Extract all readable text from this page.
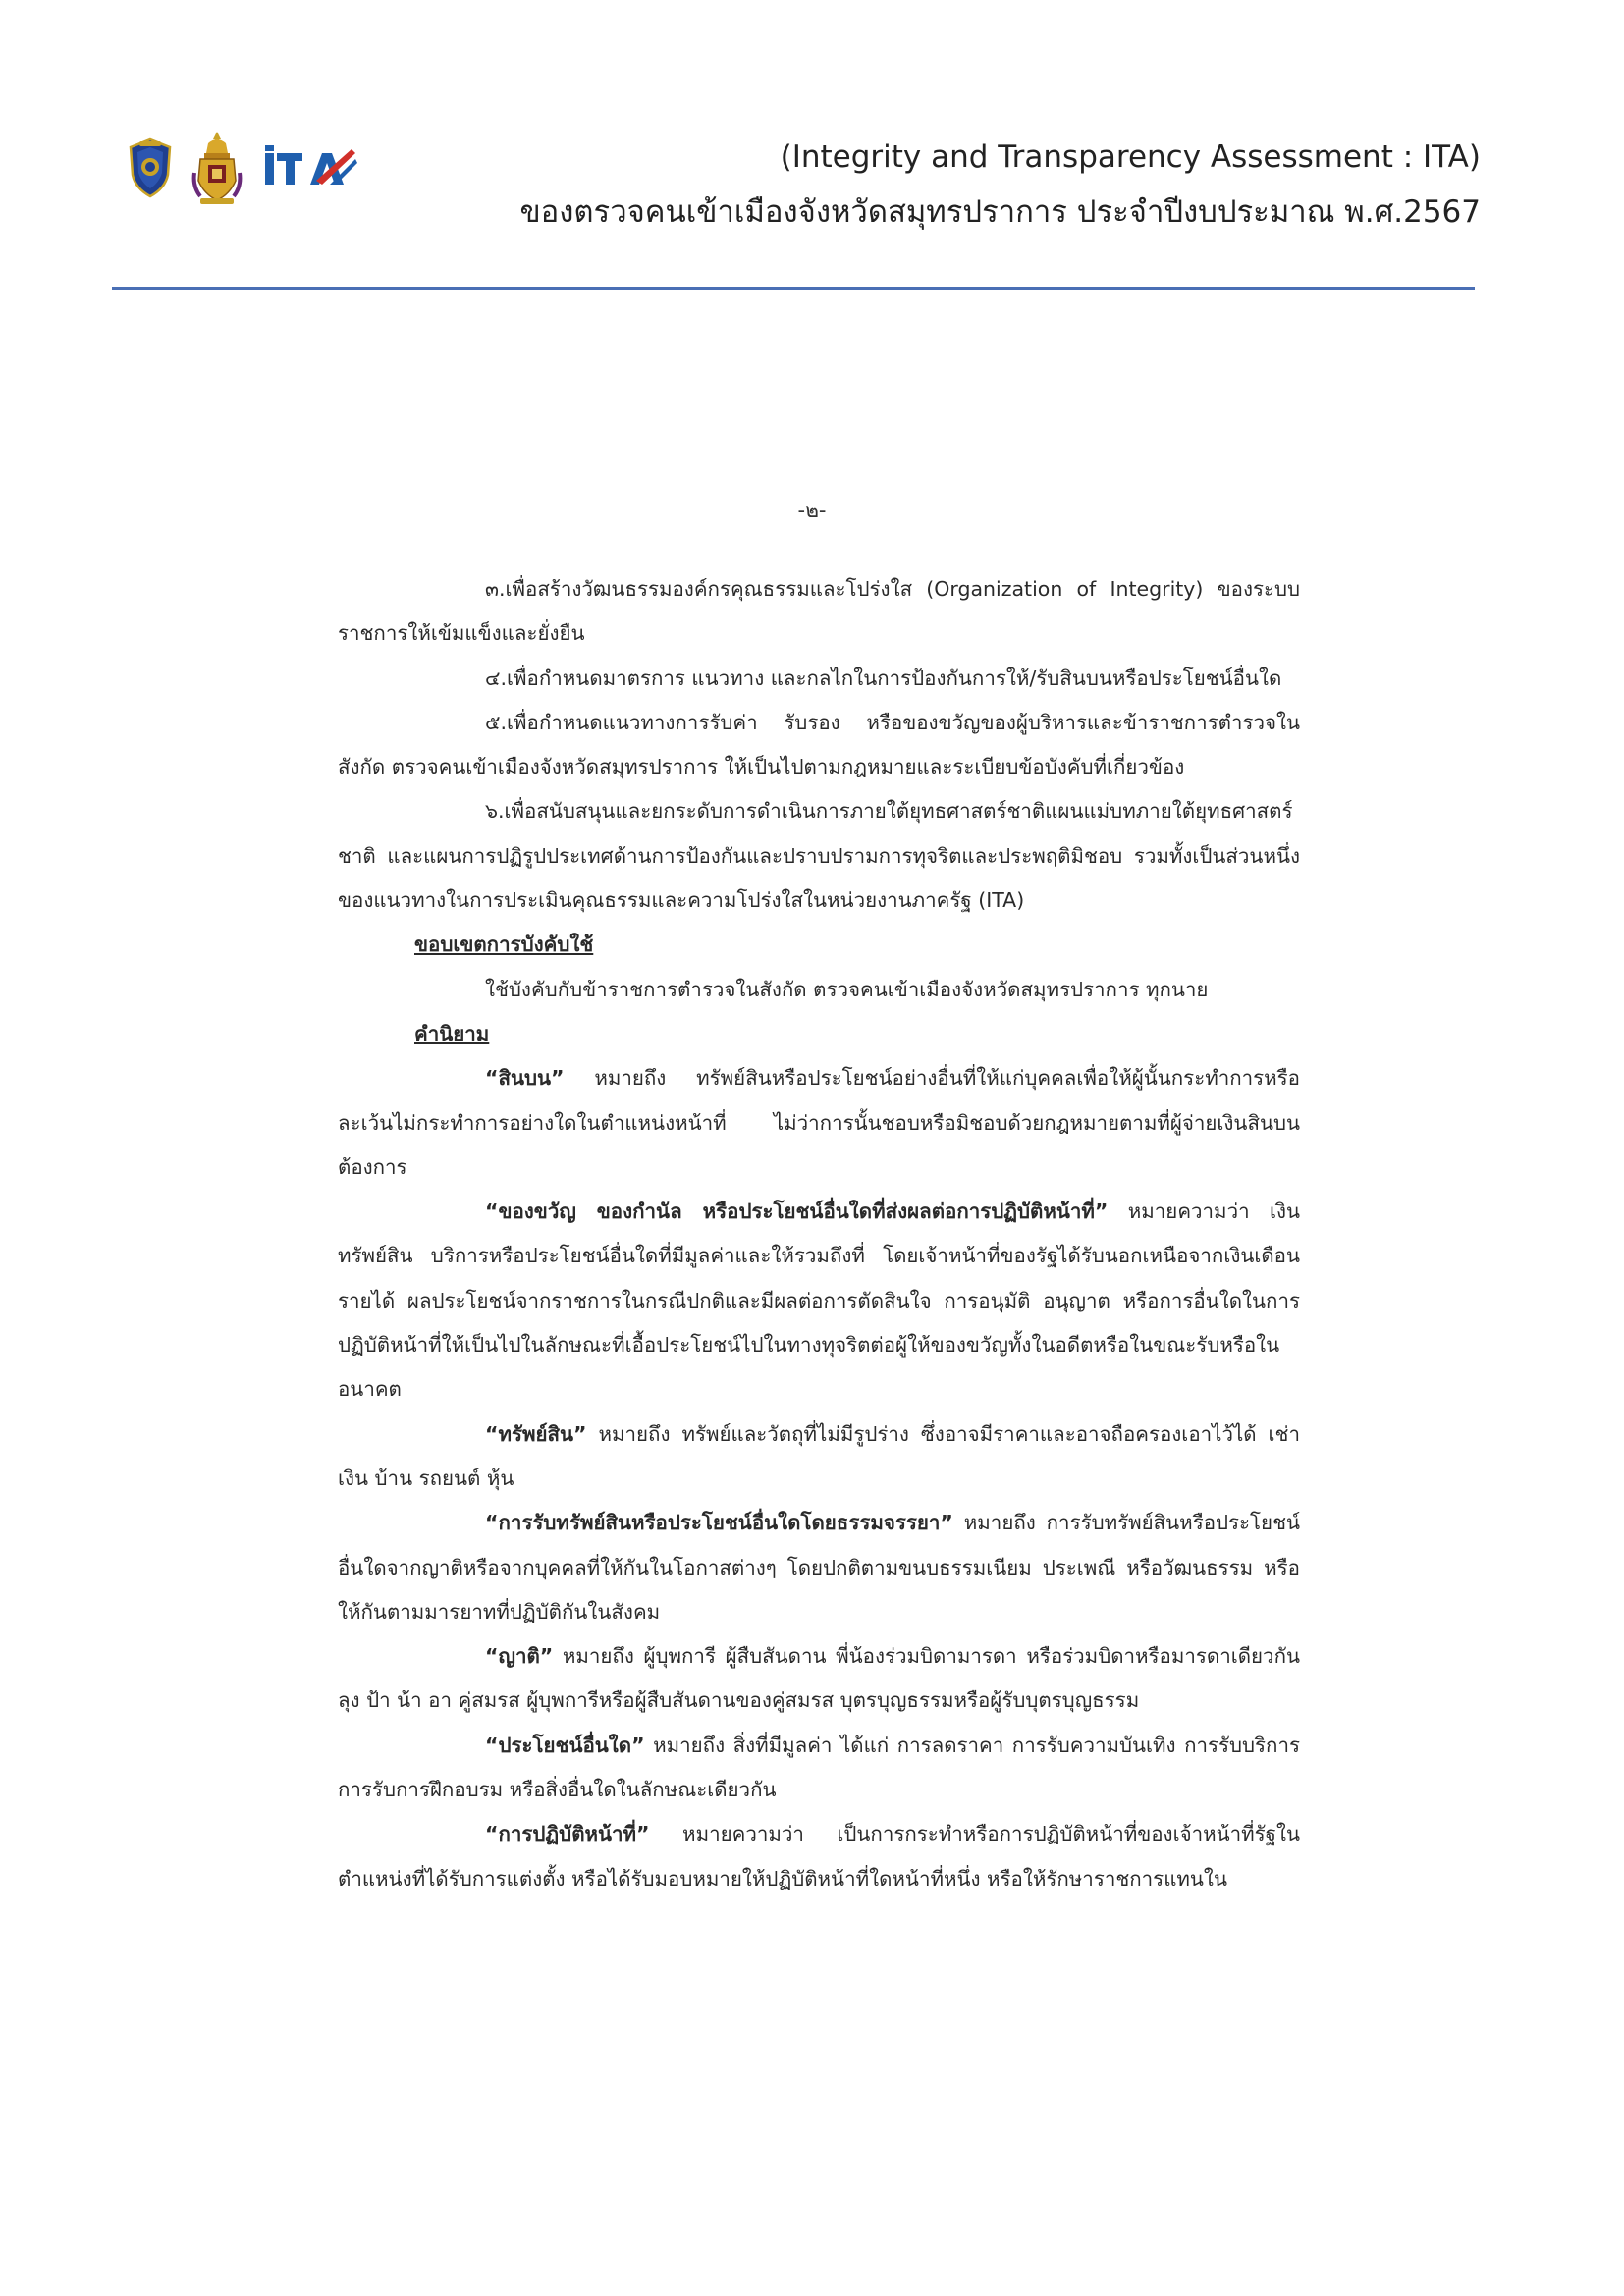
(Integrity and Transparency Assessment : ITA)
ของตรวจคนเข้าเมืองจังหวัดสมุทรปราการ ประจำปีงบประมาณ พ.ศ.2567
-๒-

๓.เพื่อสร้างวัฒนธรรมองค์กรคุณธรรมและโปร่งใส (Organization of Integrity) ของระบบราชการให้เข้มแข็งและยั่งยืน

๔.เพื่อกำหนดมาตรการ แนวทาง และกลไกในการป้องกันการให้/รับสินบนหรือประโยชน์อื่นใด

๕.เพื่อกำหนดแนวทางการรับค่า รับรอง หรือของขวัญของผู้บริหารและข้าราชการตำรวจในสังกัด ตรวจคนเข้าเมืองจังหวัดสมุทรปราการ ให้เป็นไปตามกฎหมายและระเบียบข้อบังคับที่เกี่ยวข้อง

๖.เพื่อสนับสนุนและยกระดับการดำเนินการภายใต้ยุทธศาสตร์ชาติแผนแม่บทภายใต้ยุทธศาสตร์ชาติ และแผนการปฏิรูปประเทศด้านการป้องกันและปราบปรามการทุจริตและประพฤติมิชอบ รวมทั้งเป็นส่วนหนึ่งของแนวทางในการประเมินคุณธรรมและความโปร่งใสในหน่วยงานภาครัฐ (ITA)

ขอบเขตการบังคับใช้

ใช้บังคับกับข้าราชการตำรวจในสังกัด ตรวจคนเข้าเมืองจังหวัดสมุทรปราการ ทุกนาย

คำนิยาม

“สินบน” หมายถึง ทรัพย์สินหรือประโยชน์อย่างอื่นที่ให้แก่บุคคลเพื่อให้ผู้นั้นกระทำการหรือละเว้นไม่กระทำการอย่างใดในตำแหน่งหน้าที่ ไม่ว่าการนั้นชอบหรือมิชอบด้วยกฎหมายตามที่ผู้จ่ายเงินสินบนต้องการ

“ของขวัญ ของกำนัล หรือประโยชน์อื่นใดที่ส่งผลต่อการปฏิบัติหน้าที่” หมายความว่า เงิน ทรัพย์สิน บริการหรือประโยชน์อื่นใดที่มีมูลค่าและให้รวมถึงที่ โดยเจ้าหน้าที่ของรัฐได้รับนอกเหนือจากเงินเดือน รายได้ ผลประโยชน์จากราชการในกรณีปกติและมีผลต่อการตัดสินใจ การอนุมัติ อนุญาต หรือการอื่นใดในการปฏิบัติหน้าที่ให้เป็นไปในลักษณะที่เอื้อประโยชน์ไปในทางทุจริตต่อผู้ให้ของขวัญทั้งในอดีตหรือในขณะรับหรือในอนาคต

“ทรัพย์สิน” หมายถึง ทรัพย์และวัตถุที่ไม่มีรูปร่าง ซึ่งอาจมีราคาและอาจถือครองเอาไว้ได้ เช่า เงิน บ้าน รถยนต์ หุ้น

“การรับทรัพย์สินหรือประโยชน์อื่นใดโดยธรรมจรรยา” หมายถึง การรับทรัพย์สินหรือประโยชน์อื่นใดจากญาติหรือจากบุคคลที่ให้กันในโอกาสต่างๆ โดยปกติตามขนบธรรมเนียม ประเพณี หรือวัฒนธรรม หรือให้กันตามมารยาทที่ปฏิบัติกันในสังคม

“ญาติ” หมายถึง ผู้บุพการี ผู้สืบสันดาน พี่น้องร่วมบิดามารดา หรือร่วมบิดาหรือมารดาเดียวกัน ลุง ป้า น้า อา คู่สมรส ผู้บุพการีหรือผู้สืบสันดานของคู่สมรส บุตรบุญธรรมหรือผู้รับบุตรบุญธรรม

“ประโยชน์อื่นใด” หมายถึง สิ่งที่มีมูลค่า ได้แก่ การลดราคา การรับความบันเทิง การรับบริการ การรับการฝึกอบรม หรือสิ่งอื่นใดในลักษณะเดียวกัน

“การปฏิบัติหน้าที่” หมายความว่า เป็นการกระทำหรือการปฏิบัติหน้าที่ของเจ้าหน้าที่รัฐในตำแหน่งที่ได้รับการแต่งตั้ง หรือได้รับมอบหมายให้ปฏิบัติหน้าที่ใดหน้าที่หนึ่ง หรือให้รักษาราชการแทนใน
